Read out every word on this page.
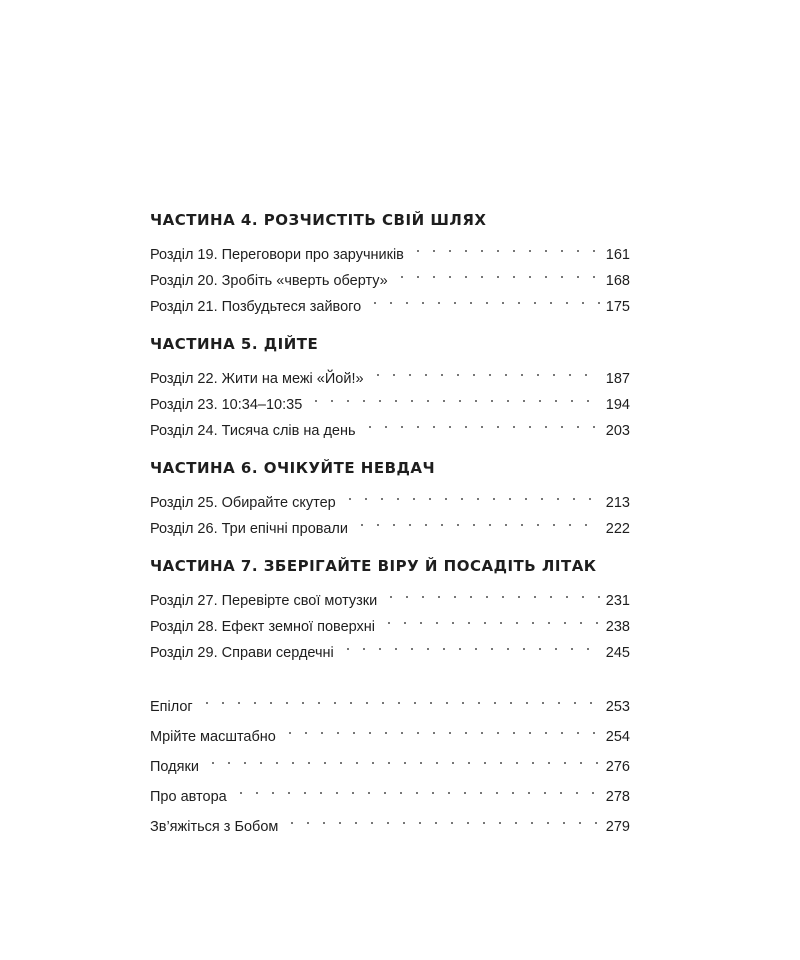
ЧАСТИНА 4. РОЗЧИСТІТЬ СВІЙ ШЛЯХ
Розділ 19. Переговори про заручників	161
Розділ 20. Зробіть «чверть оберту»	168
Розділ 21. Позбудьтеся зайвого	175
ЧАСТИНА 5. ДІЙТЕ
Розділ 22. Жити на межі «Йой!»	187
Розділ 23. 10:34–10:35	194
Розділ 24. Тисяча слів на день	203
ЧАСТИНА 6. ОЧІКУЙТЕ НЕВДАЧ
Розділ 25. Обирайте скутер	213
Розділ 26. Три епічні провали	222
ЧАСТИНА 7. ЗБЕРІГАЙТЕ ВІРУ Й ПОСАДІТЬ ЛІТАК
Розділ 27. Перевірте свої мотузки	231
Розділ 28. Ефект земної поверхні	238
Розділ 29. Справи сердечні	245
Епілог	253
Мрійте масштабно	254
Подяки	276
Про автора	278
Зв’яжіться з Бобом	279
